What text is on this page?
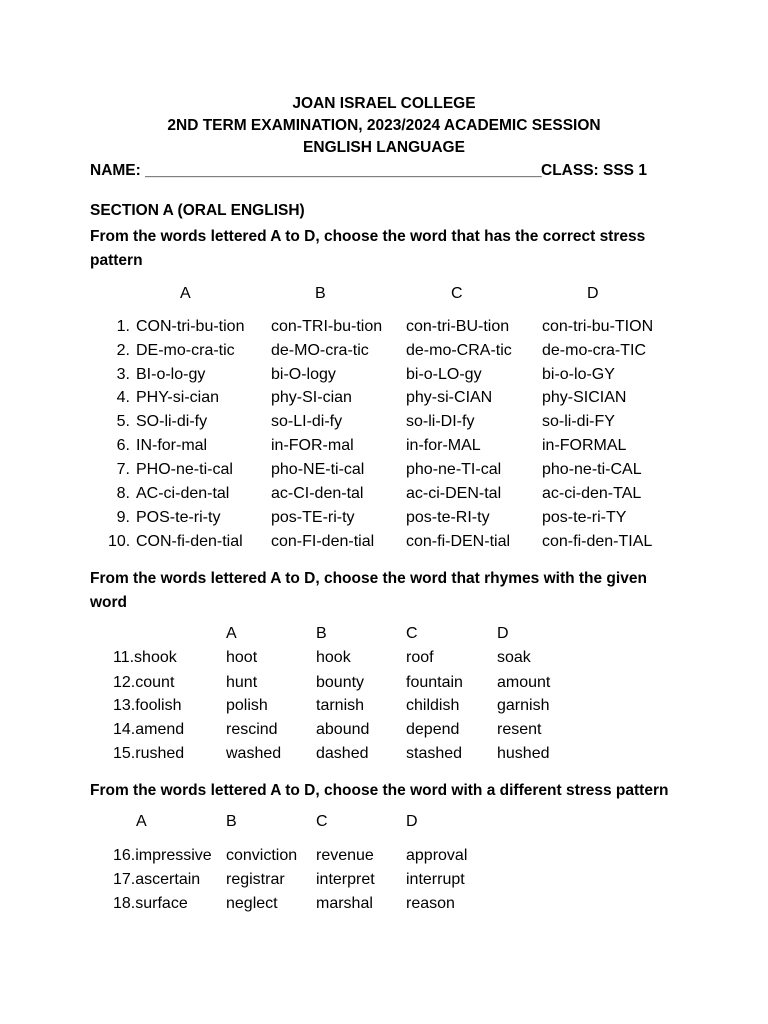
JOAN ISRAEL COLLEGE
2ND TERM EXAMINATION, 2023/2024 ACADEMIC SESSION
ENGLISH LANGUAGE
NAME: ______________________________________________ CLASS: SSS 1
SECTION A (ORAL ENGLISH)
From the words lettered A to D, choose the word that has the correct stress
pattern
A	B	C	D
1. CON-tri-bu-tion con-TRI-bu-tion con-tri-BU-tion con-tri-bu-TION
2. DE-mo-cra-tic de-MO-cra-tic de-mo-CRA-tic de-mo-cra-TIC
3. BI-o-lo-gy	bi-O-logy	bi-o-LO-gy	bi-o-lo-GY
4. PHY-si-cian	phy-SI-cian	phy-si-CIAN	phy-SICIAN
5. SO-li-di-fy	so-LI-di-fy	so-li-DI-fy	so-li-di-FY
6. IN-for-mal	in-FOR-mal	in-for-MAL	in-FORMAL
7. PHO-ne-ti-cal pho-NE-ti-cal	pho-ne-TI-cal	pho-ne-ti-CAL
8. AC-ci-den-tal	ac-CI-den-tal	ac-ci-DEN-tal	ac-ci-den-TAL
9. POS-te-ri-ty	pos-TE-ri-ty	pos-te-RI-ty	pos-te-ri-TY
10. CON-fi-den-tial con-FI-den-tial con-fi-DEN-tial con-fi-den-TIAL
From the words lettered A to D, choose the word that rhymes with the given
word
A	B	C	D
11.shook	hoot	hook	roof	soak
12.count	hunt	bounty	fountain amount
13.foolish	polish	tarnish	childish garnish
14.amend	rescind abound depend resent
15.rushed	washed dashed stashed hushed
From the words lettered A to D, choose the word with a different stress pattern
A	B	C	D
16.impressive conviction revenue approval
17.ascertain registrar interpret interrupt
18.surface neglect marshal reason
